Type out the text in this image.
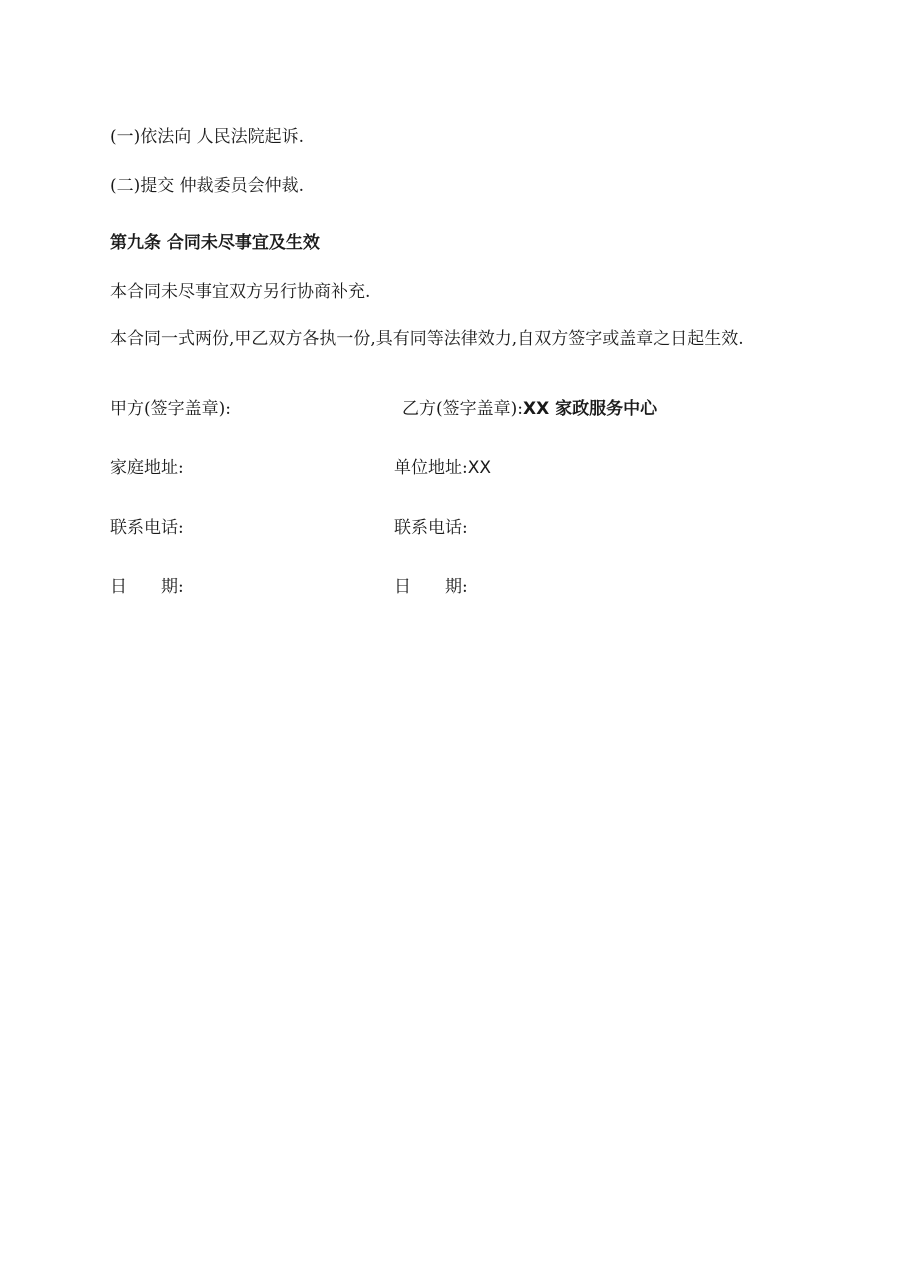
(一)依法向 人民法院起诉.
(二)提交 仲裁委员会仲裁.
第九条 合同未尽事宜及生效
本合同未尽事宜双方另行协商补充.
本合同一式两份,甲乙双方各执一份,具有同等法律效力,自双方签字或盖章之日起生效.
甲方(签字盖章):	乙方(签字盖章):XX 家政服务中心
家庭地址:	单位地址:XX
联系电话:	联系电话:
日 期:	日 期:
